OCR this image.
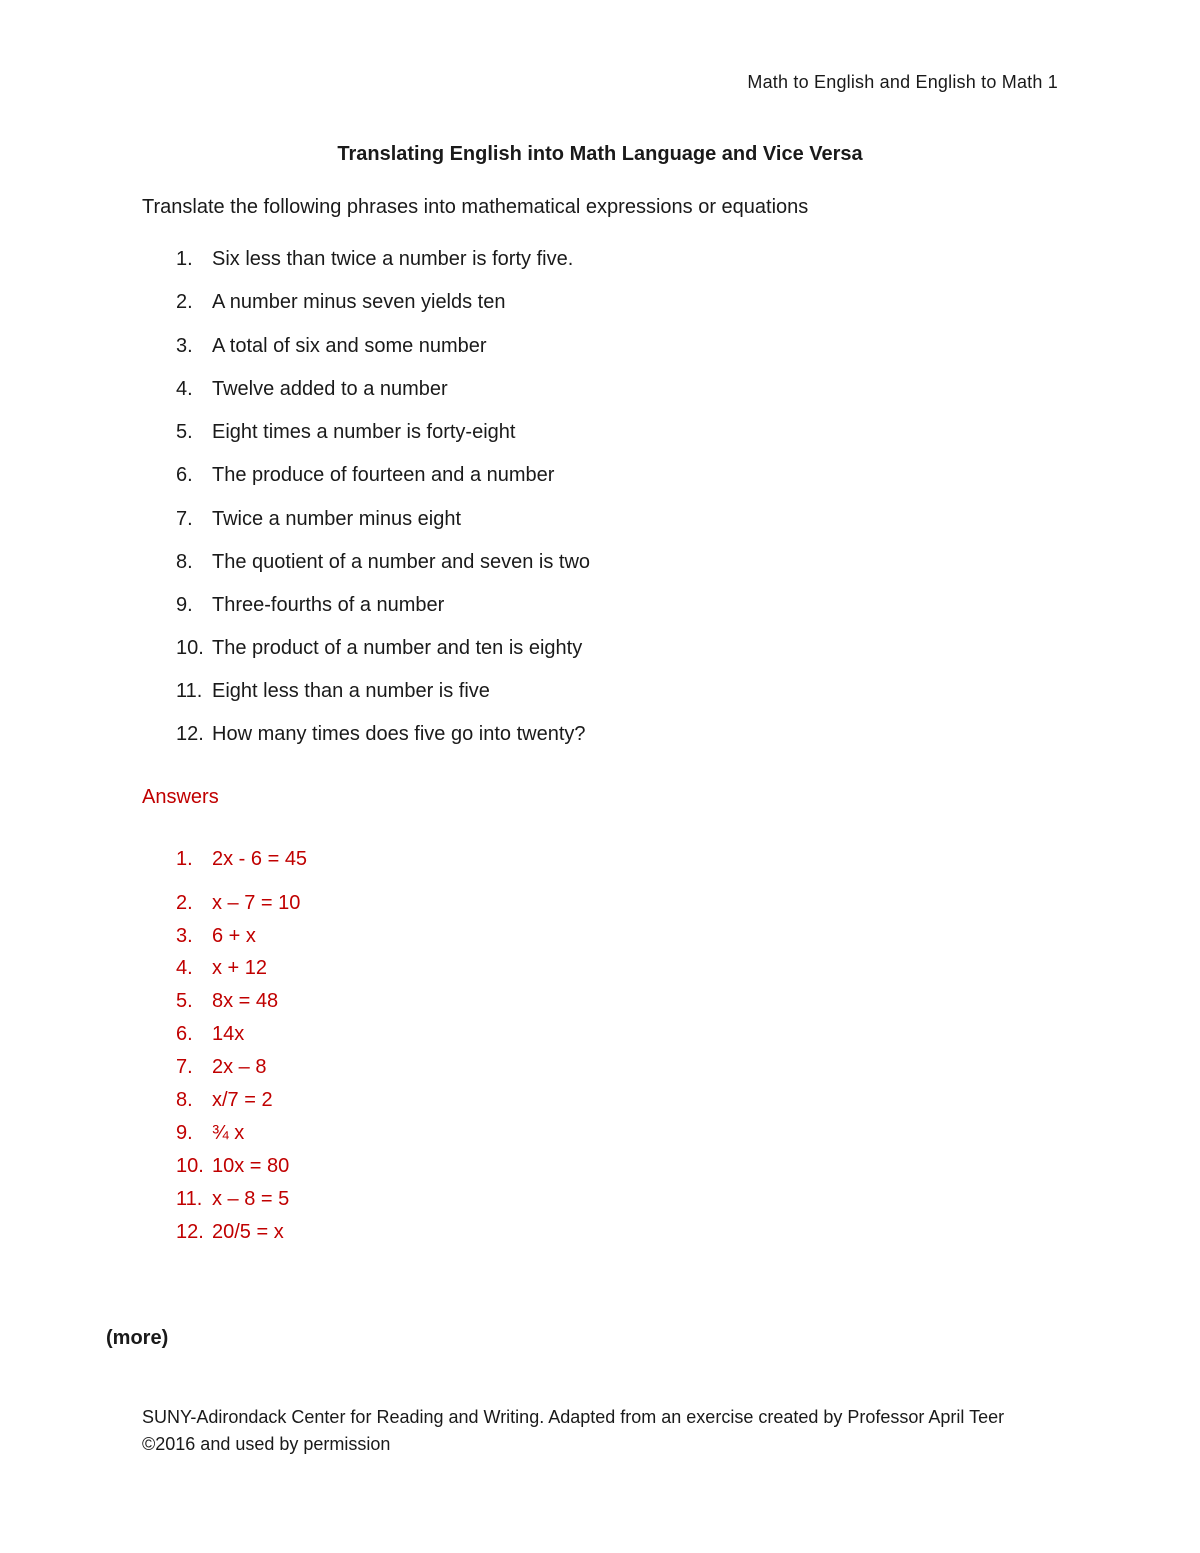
Math to English and English to Math 1
Translating English into Math Language and Vice Versa
Translate the following phrases into mathematical expressions or equations
1. Six less than twice a number is forty five.
2. A number minus seven yields ten
3. A total of six and some number
4. Twelve added to a number
5. Eight times a number is forty-eight
6. The produce of fourteen and a number
7. Twice a number minus eight
8. The quotient of a number and seven is two
9. Three-fourths of a number
10. The product of a number and ten is eighty
11. Eight less than a number is five
12. How many times does five go into twenty?
Answers
1. 2x - 6 = 45
2. x – 7 = 10
3. 6 + x
4. x + 12
5. 8x = 48
6. 14x
7. 2x – 8
8. x/7 = 2
9. ¾ x
10. 10x = 80
11. x – 8 = 5
12. 20/5 = x
(more)
SUNY-Adirondack Center for Reading and Writing. Adapted from an exercise created by Professor April Teer ©2016 and used by permission
